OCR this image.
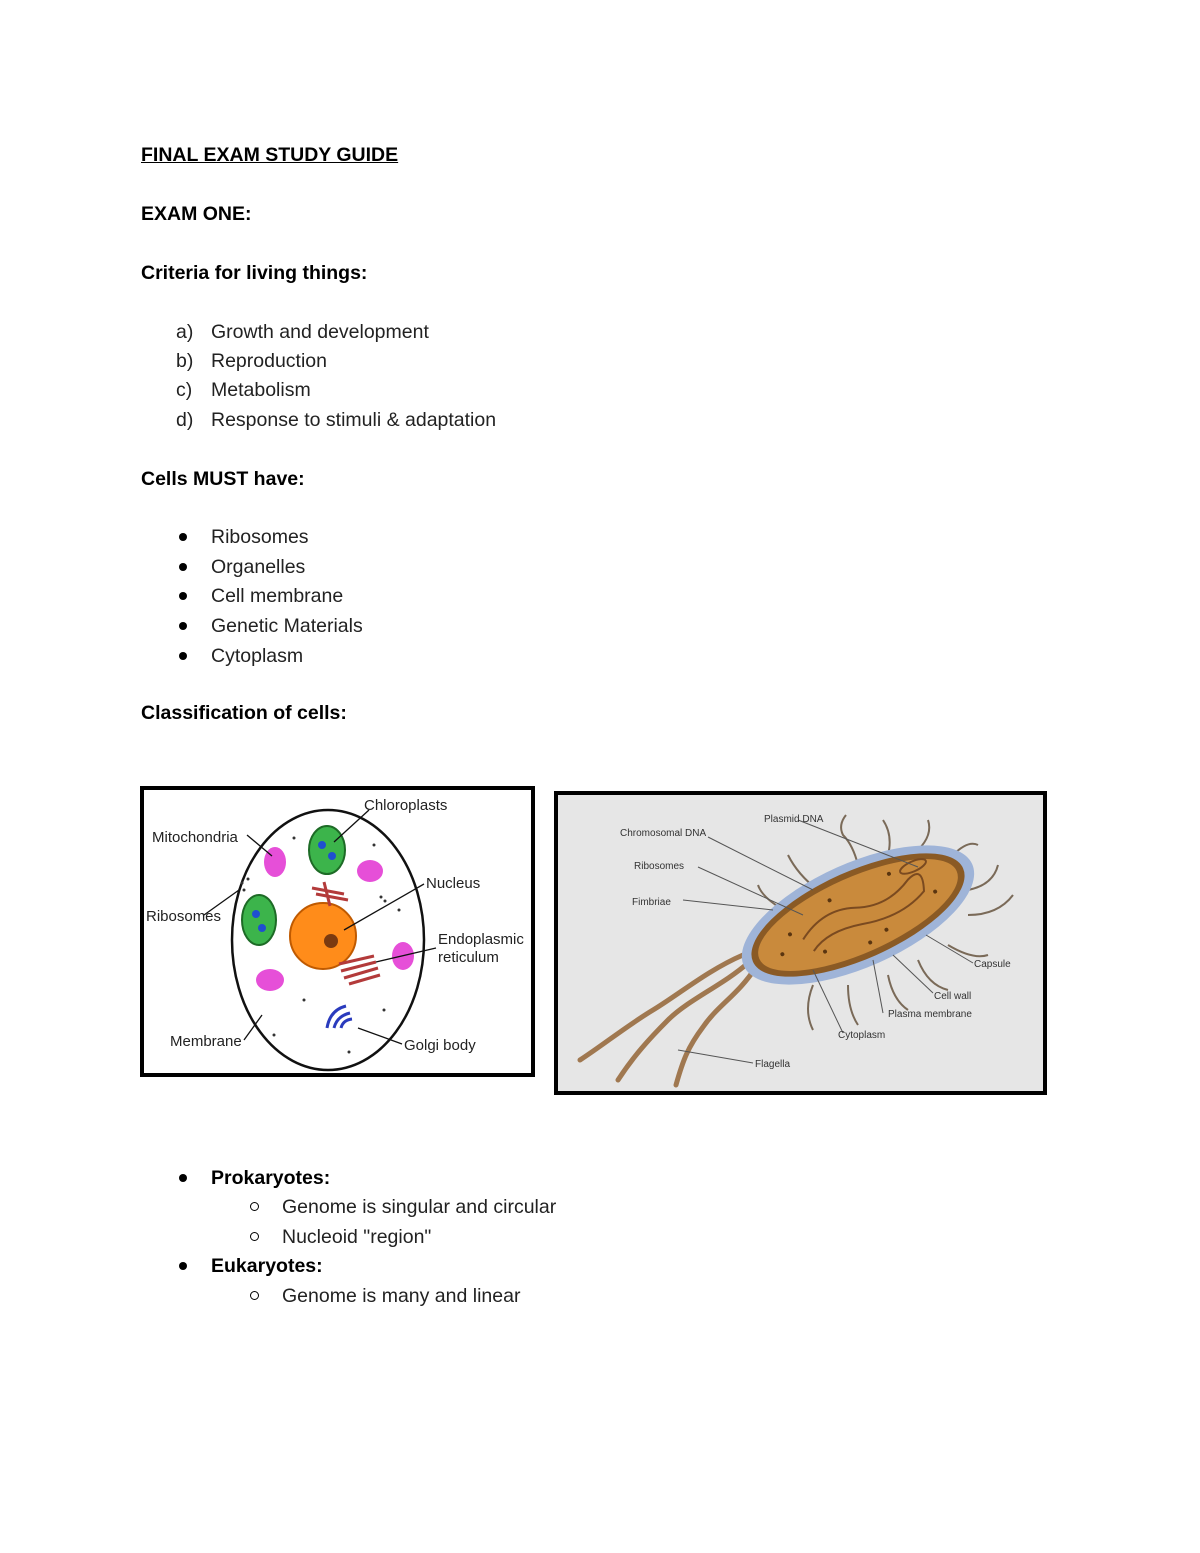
FINAL EXAM STUDY GUIDE
EXAM ONE:
Criteria for living things:
a) Growth and development
b) Reproduction
c) Metabolism
d) Response to stimuli & adaptation
Cells MUST have:
Ribosomes
Organelles
Cell membrane
Genetic Materials
Cytoplasm
Classification of cells:
Chloroplasts
Mitochondria
Nucleus
Ribosomes
Endoplasmic
reticulum
Membrane	Golgi body
Plasmid DNA
Chromosomal DNA
Ribosomes
Fimbriae
Capsule
Cell wall
Plasma membrane
Cytoplasm
Flagella
Prokaryotes:
Genome is singular and circular
Nucleoid "region"
Eukaryotes:
Genome is many and linear
